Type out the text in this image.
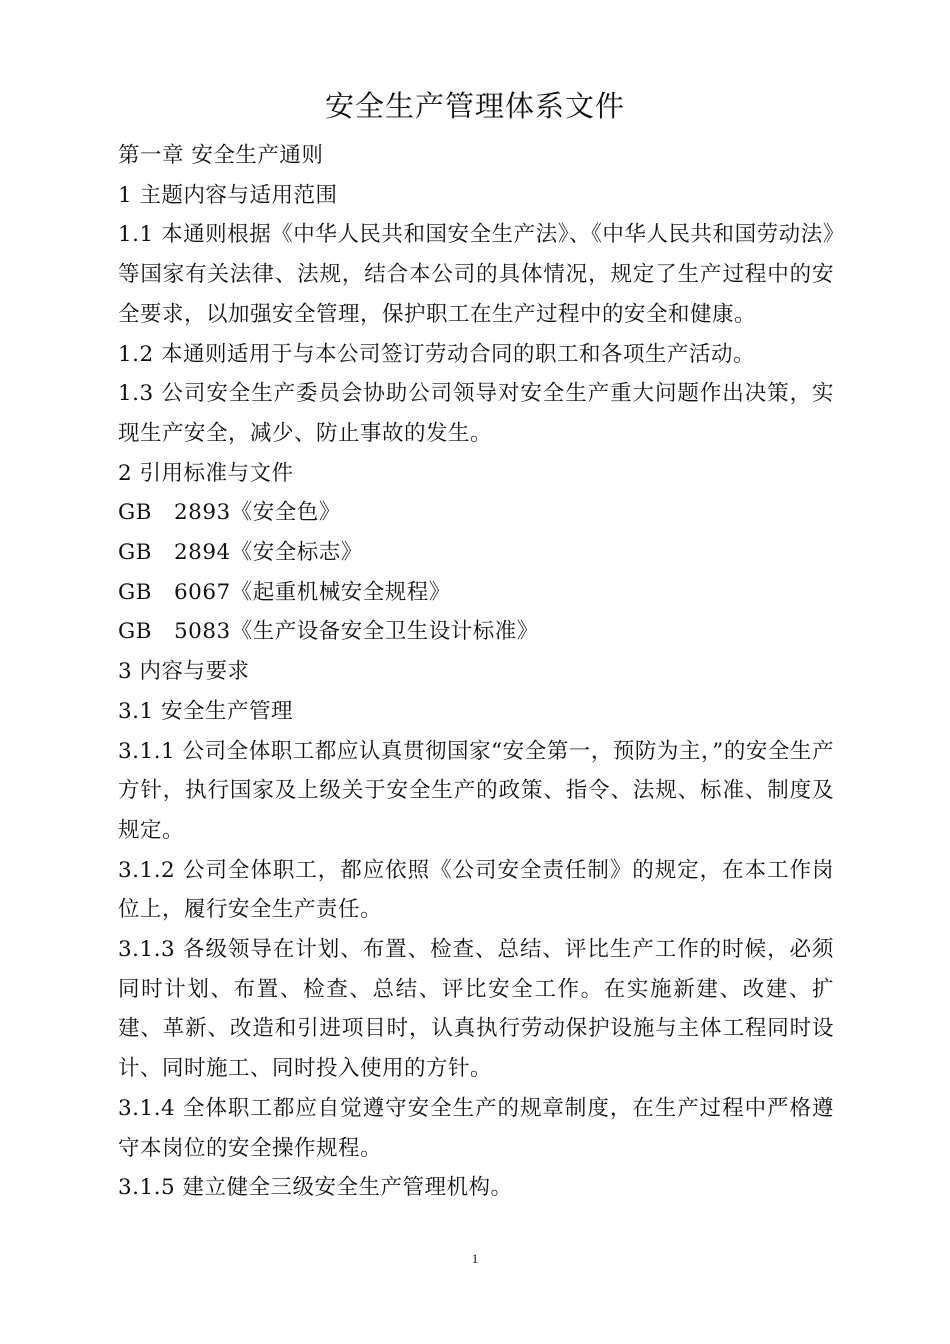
安全生产管理体系文件

第一章 安全生产通则

1 主题内容与适用范围

1.1 本通则根据《中华人民共和国安全生产法》、《中华人民共和国劳动法》等国家有关法律、法规，结合本公司的具体情况，规定了生产过程中的安全要求，以加强安全管理，保护职工在生产过程中的安全和健康。

1.2 本通则适用于与本公司签订劳动合同的职工和各项生产活动。

1.3 公司安全生产委员会协助公司领导对安全生产重大问题作出决策，实现生产安全，减少、防止事故的发生。

2 引用标准与文件

GB　2893《安全色》

GB　2894《安全标志》

GB　6067《起重机械安全规程》

GB　5083《生产设备安全卫生设计标准》

3 内容与要求

3.1 安全生产管理

3.1.1 公司全体职工都应认真贯彻国家“安全第一，预防为主，”的安全生产方针，执行国家及上级关于安全生产的政策、指令、法规、标准、制度及规定。

3.1.2 公司全体职工，都应依照《公司安全责任制》的规定，在本工作岗位上，履行安全生产责任。

3.1.3 各级领导在计划、布置、检查、总结、评比生产工作的时候，必须同时计划、布置、检查、总结、评比安全工作。在实施新建、改建、扩建、革新、改造和引进项目时，认真执行劳动保护设施与主体工程同时设计、同时施工、同时投入使用的方针。

3.1.4 全体职工都应自觉遵守安全生产的规章制度，在生产过程中严格遵守本岗位的安全操作规程。

3.1.5 建立健全三级安全生产管理机构。

1
